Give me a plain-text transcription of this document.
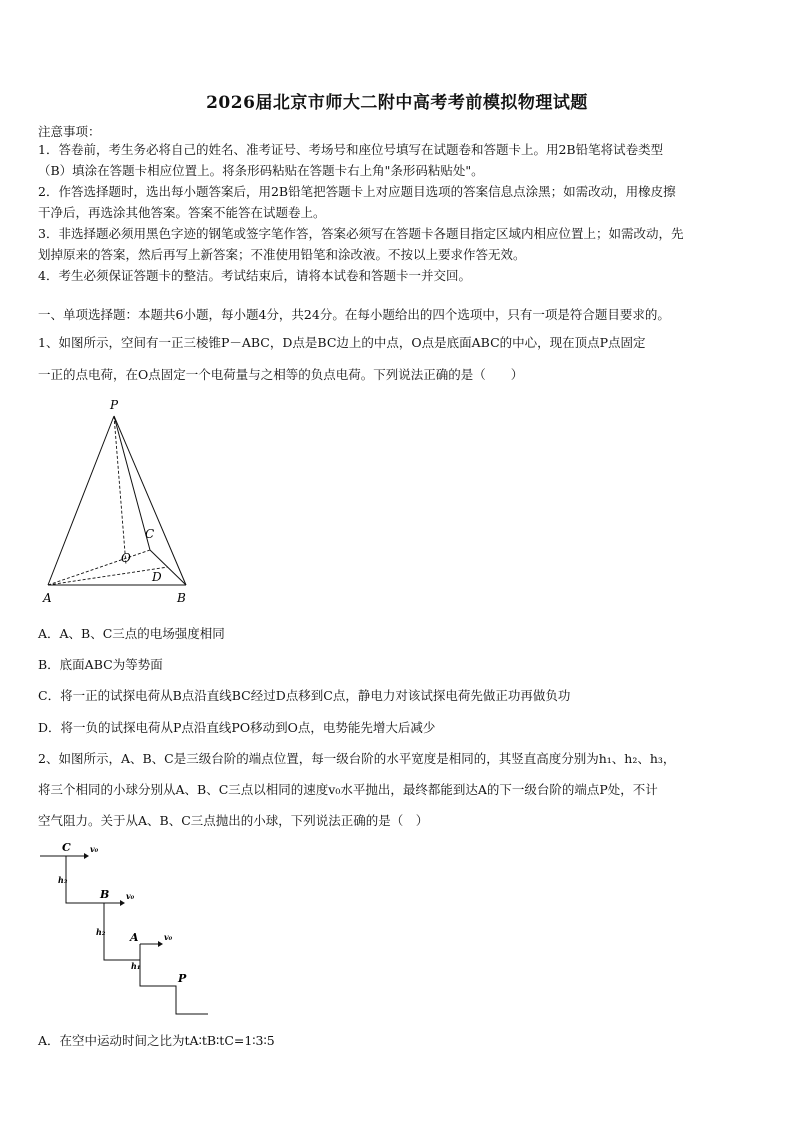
2026届北京市师大二附中高考考前模拟物理试题
注意事项：
1．答卷前，考生务必将自己的姓名、准考证号、考场号和座位号填写在试题卷和答题卡上。用2B铅笔将试卷类型
（B）填涂在答题卡相应位置上。将条形码粘贴在答题卡右上角"条形码粘贴处"。
2．作答选择题时，选出每小题答案后，用2B铅笔把答题卡上对应题目选项的答案信息点涂黑；如需改动，用橡皮擦
干净后，再选涂其他答案。答案不能答在试题卷上。
3．非选择题必须用黑色字迹的钢笔或签字笔作答，答案必须写在答题卡各题目指定区域内相应位置上；如需改动，先
划掉原来的答案，然后再写上新答案；不准使用铅笔和涂改液。不按以上要求作答无效。
4．考生必须保证答题卡的整洁。考试结束后，请将本试卷和答题卡一并交回。
一、单项选择题：本题共6小题，每小题4分，共24分。在每小题给出的四个选项中，只有一项是符合题目要求的。
1、如图所示，空间有一正三棱锥P－ABC，D点是BC边上的中点，O点是底面ABC的中心，现在顶点P点固定
一正的点电荷，在O点固定一个电荷量与之相等的负点电荷。下列说法正确的是（　　）
P
A	B
C
O
D
A．A、B、C三点的电场强度相同
B．底面ABC为等势面
C．将一正的试探电荷从B点沿直线BC经过D点移到C点，静电力对该试探电荷先做正功再做负功
D．将一负的试探电荷从P点沿直线PO移动到O点，电势能先增大后减少
2、如图所示，A、B、C是三级台阶的端点位置，每一级台阶的水平宽度是相同的，其竖直高度分别为h₁、h₂、h₃，
将三个相同的小球分别从A、B、C三点以相同的速度v₀水平抛出，最终都能到达A的下一级台阶的端点P处，不计
空气阻力。关于从A、B、C三点抛出的小球，下列说法正确的是（　）
C
B
A
P
v₀
v₀
v₀
h₃
h₂
h₁
A．在空中运动时间之比为tA∶tB∶tC=1∶3∶5
